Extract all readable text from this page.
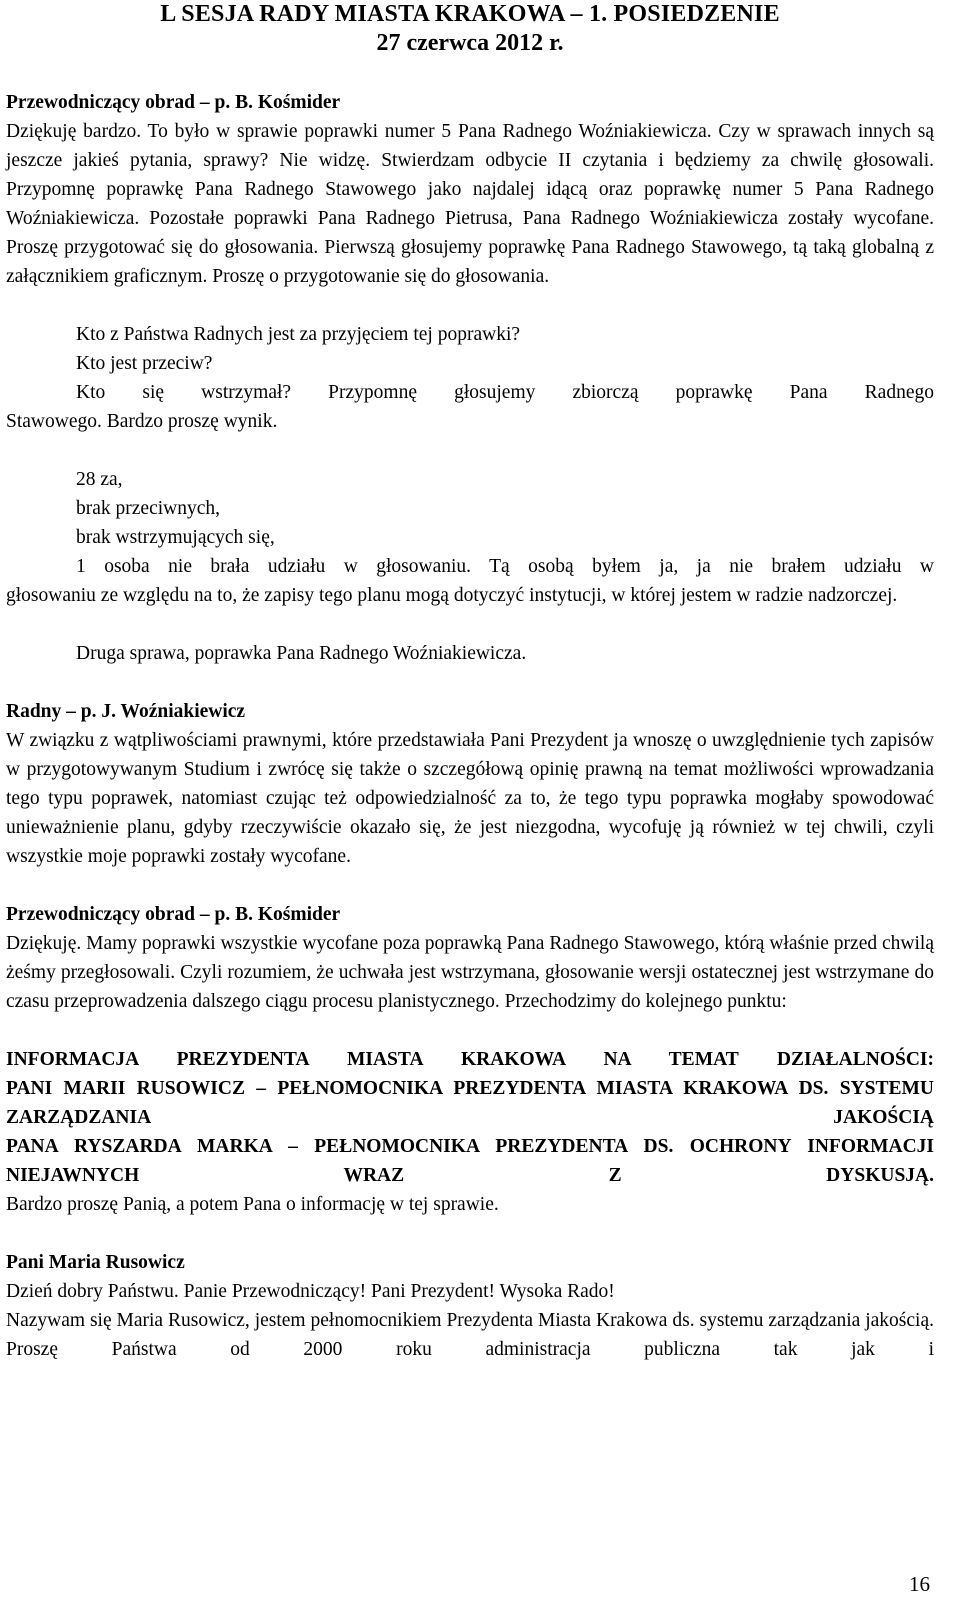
L SESJA RADY MIASTA KRAKOWA – 1. POSIEDZENIE
27 czerwca 2012 r.

Przewodniczący obrad – p. B. Kośmider

Dziękuję bardzo. To było w sprawie poprawki numer 5 Pana Radnego Woźniakiewicza. Czy w sprawach innych są jeszcze jakieś pytania, sprawy? Nie widzę. Stwierdzam odbycie II czytania i będziemy za chwilę głosowali. Przypomnę poprawkę Pana Radnego Stawowego jako najdalej idącą oraz poprawkę numer 5 Pana Radnego Woźniakiewicza. Pozostałe poprawki Pana Radnego Pietrusa, Pana Radnego Woźniakiewicza zostały wycofane. Proszę przygotować się do głosowania. Pierwszą głosujemy poprawkę Pana Radnego Stawowego, tą taką globalną z załącznikiem graficznym. Proszę o przygotowanie się do głosowania.

Kto z Państwa Radnych jest za przyjęciem tej poprawki?

Kto jest przeciw?

Kto się wstrzymał? Przypomnę głosujemy zbiorczą poprawkę Pana Radnego

Stawowego. Bardzo proszę wynik.

28 za,

brak przeciwnych,

brak wstrzymujących się,

1 osoba nie brała udziału w głosowaniu. Tą osobą byłem ja, ja nie brałem udziału w

głosowaniu ze względu na to, że zapisy tego planu mogą dotyczyć instytucji, w której jestem w radzie nadzorczej.

Druga sprawa, poprawka Pana Radnego Woźniakiewicza.

Radny – p. J. Woźniakiewicz

W związku z wątpliwościami prawnymi, które przedstawiała Pani Prezydent ja wnoszę o uwzględnienie tych zapisów w przygotowywanym Studium i zwrócę się także o szczegółową opinię prawną na temat możliwości wprowadzania tego typu poprawek, natomiast czując też odpowiedzialność za to, że tego typu poprawka mogłaby spowodować unieważnienie planu, gdyby rzeczywiście okazało się, że jest niezgodna, wycofuję ją również w tej chwili, czyli wszystkie moje poprawki zostały wycofane.

Przewodniczący obrad – p. B. Kośmider

Dziękuję. Mamy poprawki wszystkie wycofane poza poprawką Pana Radnego Stawowego, którą właśnie przed chwilą żeśmy przegłosowali. Czyli rozumiem, że uchwała jest wstrzymana, głosowanie wersji ostatecznej jest wstrzymane do czasu przeprowadzenia dalszego ciągu procesu planistycznego. Przechodzimy do kolejnego punktu:

INFORMACJA PREZYDENTA MIASTA KRAKOWA NA TEMAT DZIAŁALNOŚCI:

PANI MARII RUSOWICZ – PEŁNOMOCNIKA PREZYDENTA MIASTA KRAKOWA DS. SYSTEMU ZARZĄDZANIA JAKOŚCIĄ

PANA RYSZARDA MARKA – PEŁNOMOCNIKA PREZYDENTA DS. OCHRONY INFORMACJI NIEJAWNYCH WRAZ Z DYSKUSJĄ.

Bardzo proszę Panią, a potem Pana o informację w tej sprawie.

Pani Maria Rusowicz

Dzień dobry Państwu. Panie Przewodniczący! Pani Prezydent! Wysoka Rado!

Nazywam się Maria Rusowicz, jestem pełnomocnikiem Prezydenta Miasta Krakowa ds. systemu zarządzania jakością. Proszę Państwa od 2000 roku administracja publiczna tak jak i

16
